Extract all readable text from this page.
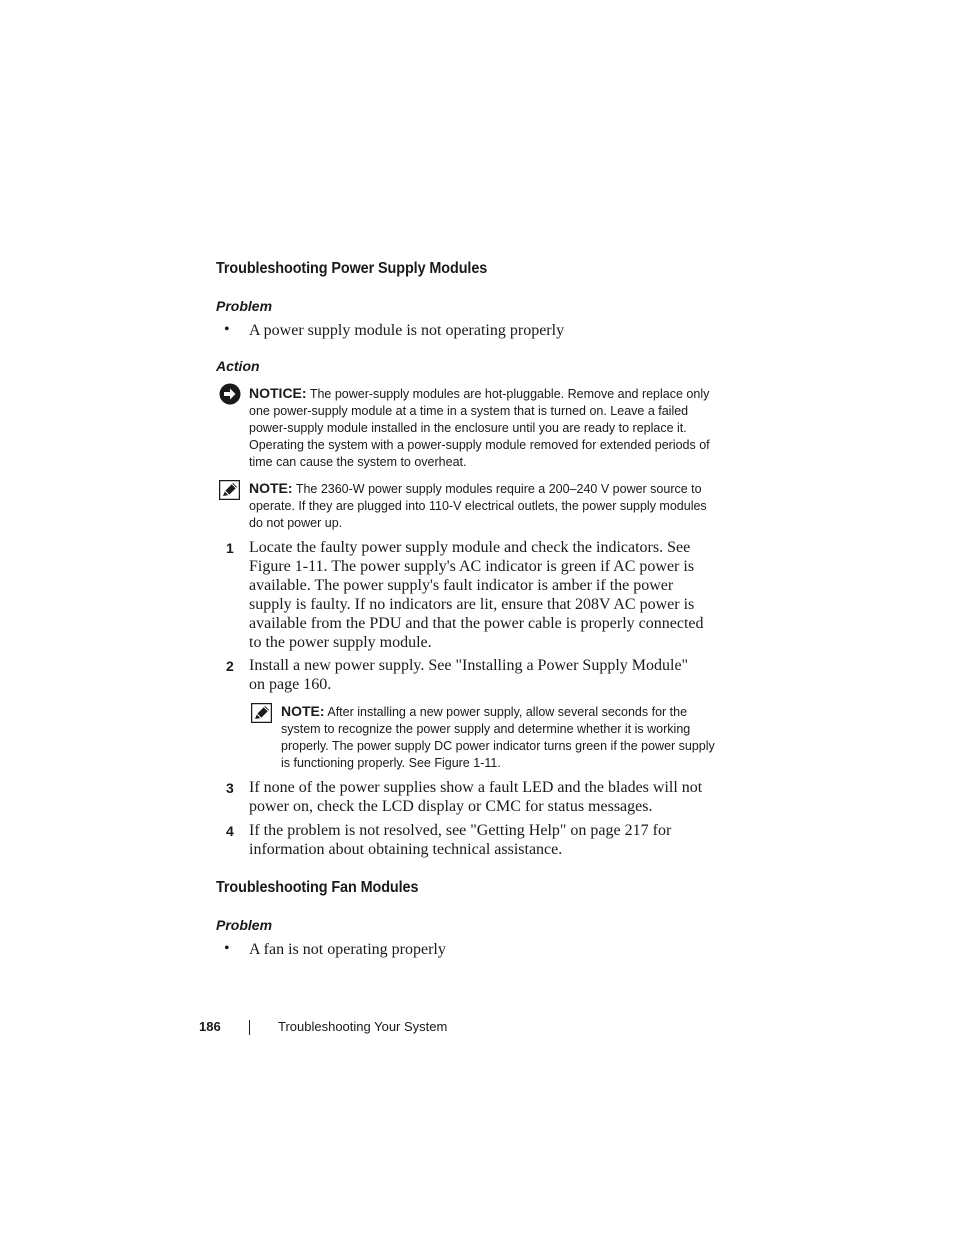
Troubleshooting Power Supply Modules
Problem
• A power supply module is not operating properly
Action
NOTICE: The power-supply modules are hot-pluggable. Remove and replace only one power-supply module at a time in a system that is turned on. Leave a failed power-supply module installed in the enclosure until you are ready to replace it. Operating the system with a power-supply module removed for extended periods of time can cause the system to overheat.
NOTE: The 2360-W power supply modules require a 200–240 V power source to operate. If they are plugged into 110-V electrical outlets, the power supply modules do not power up.
1 Locate the faulty power supply module and check the indicators. See Figure 1-11. The power supply's AC indicator is green if AC power is available. The power supply's fault indicator is amber if the power supply is faulty. If no indicators are lit, ensure that 208V AC power is available from the PDU and that the power cable is properly connected to the power supply module.
2 Install a new power supply. See "Installing a Power Supply Module" on page 160.
NOTE: After installing a new power supply, allow several seconds for the system to recognize the power supply and determine whether it is working properly. The power supply DC power indicator turns green if the power supply is functioning properly. See Figure 1-11.
3 If none of the power supplies show a fault LED and the blades will not power on, check the LCD display or CMC for status messages.
4 If the problem is not resolved, see "Getting Help" on page 217 for information about obtaining technical assistance.
Troubleshooting Fan Modules
Problem
• A fan is not operating properly
186	Troubleshooting Your System
